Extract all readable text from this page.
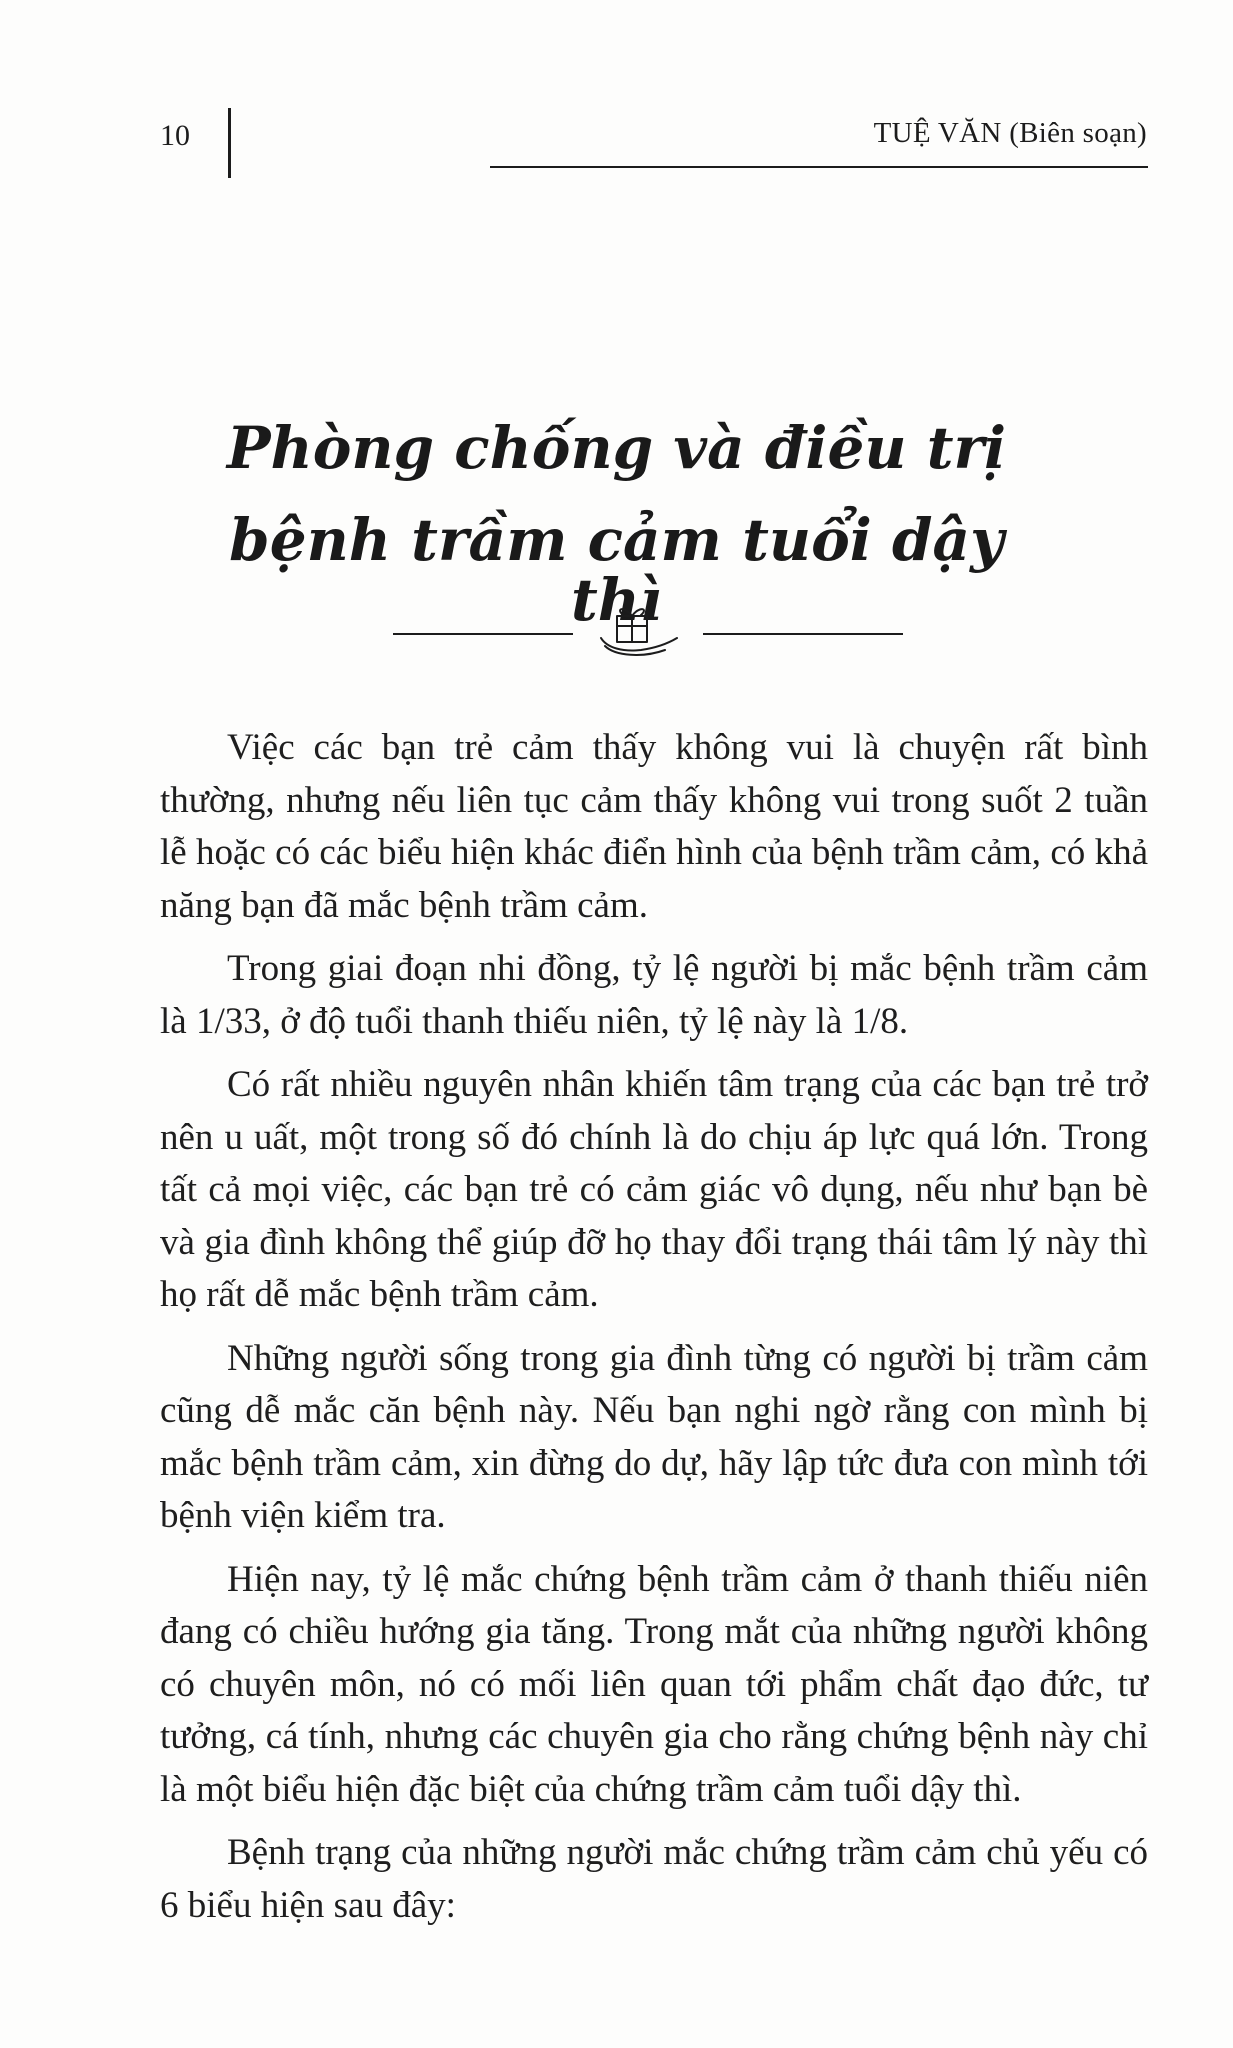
10	TUỆ VĂN (Biên soạn)
Phòng chống và điều trị
bệnh trầm cảm tuổi dậy thì

Việc các bạn trẻ cảm thấy không vui là chuyện rất bình thường, nhưng nếu liên tục cảm thấy không vui trong suốt 2 tuần lễ hoặc có các biểu hiện khác điển hình của bệnh trầm cảm, có khả năng bạn đã mắc bệnh trầm cảm.

Trong giai đoạn nhi đồng, tỷ lệ người bị mắc bệnh trầm cảm là 1/33, ở độ tuổi thanh thiếu niên, tỷ lệ này là 1/8.

Có rất nhiều nguyên nhân khiến tâm trạng của các bạn trẻ trở nên u uất, một trong số đó chính là do chịu áp lực quá lớn. Trong tất cả mọi việc, các bạn trẻ có cảm giác vô dụng, nếu như bạn bè và gia đình không thể giúp đỡ họ thay đổi trạng thái tâm lý này thì họ rất dễ mắc bệnh trầm cảm.

Những người sống trong gia đình từng có người bị trầm cảm cũng dễ mắc căn bệnh này. Nếu bạn nghi ngờ rằng con mình bị mắc bệnh trầm cảm, xin đừng do dự, hãy lập tức đưa con mình tới bệnh viện kiểm tra.

Hiện nay, tỷ lệ mắc chứng bệnh trầm cảm ở thanh thiếu niên đang có chiều hướng gia tăng. Trong mắt của những người không có chuyên môn, nó có mối liên quan tới phẩm chất đạo đức, tư tưởng, cá tính, nhưng các chuyên gia cho rằng chứng bệnh này chỉ là một biểu hiện đặc biệt của chứng trầm cảm tuổi dậy thì.

Bệnh trạng của những người mắc chứng trầm cảm chủ yếu có 6 biểu hiện sau đây:
